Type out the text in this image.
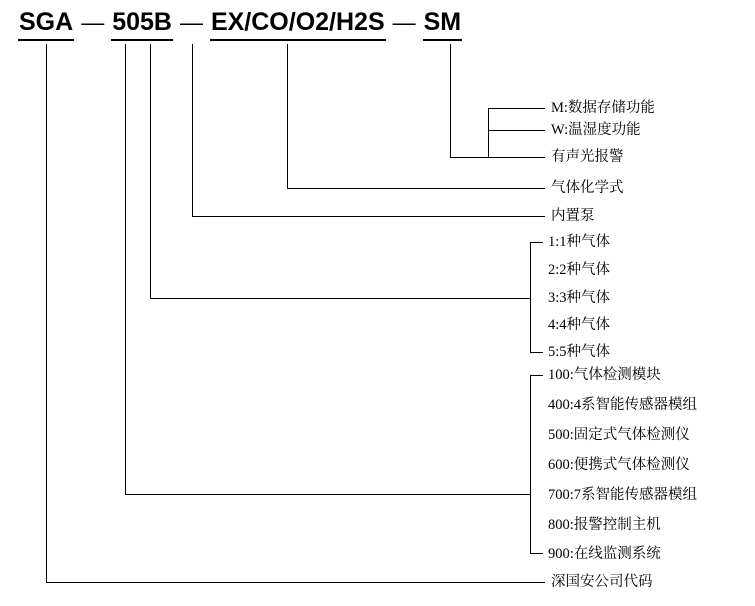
SGA — 505B — EX/CO/O2/H2S — SM
M:数据存储功能
W:温湿度功能
有声光报警
气体化学式
内置泵
1:1种气体
2:2种气体
3:3种气体
4:4种气体
5:5种气体
100:气体检测模块
400:4系智能传感器模组
500:固定式气体检测仪
600:便携式气体检测仪
700:7系智能传感器模组
800:报警控制主机
900:在线监测系统
深国安公司代码
